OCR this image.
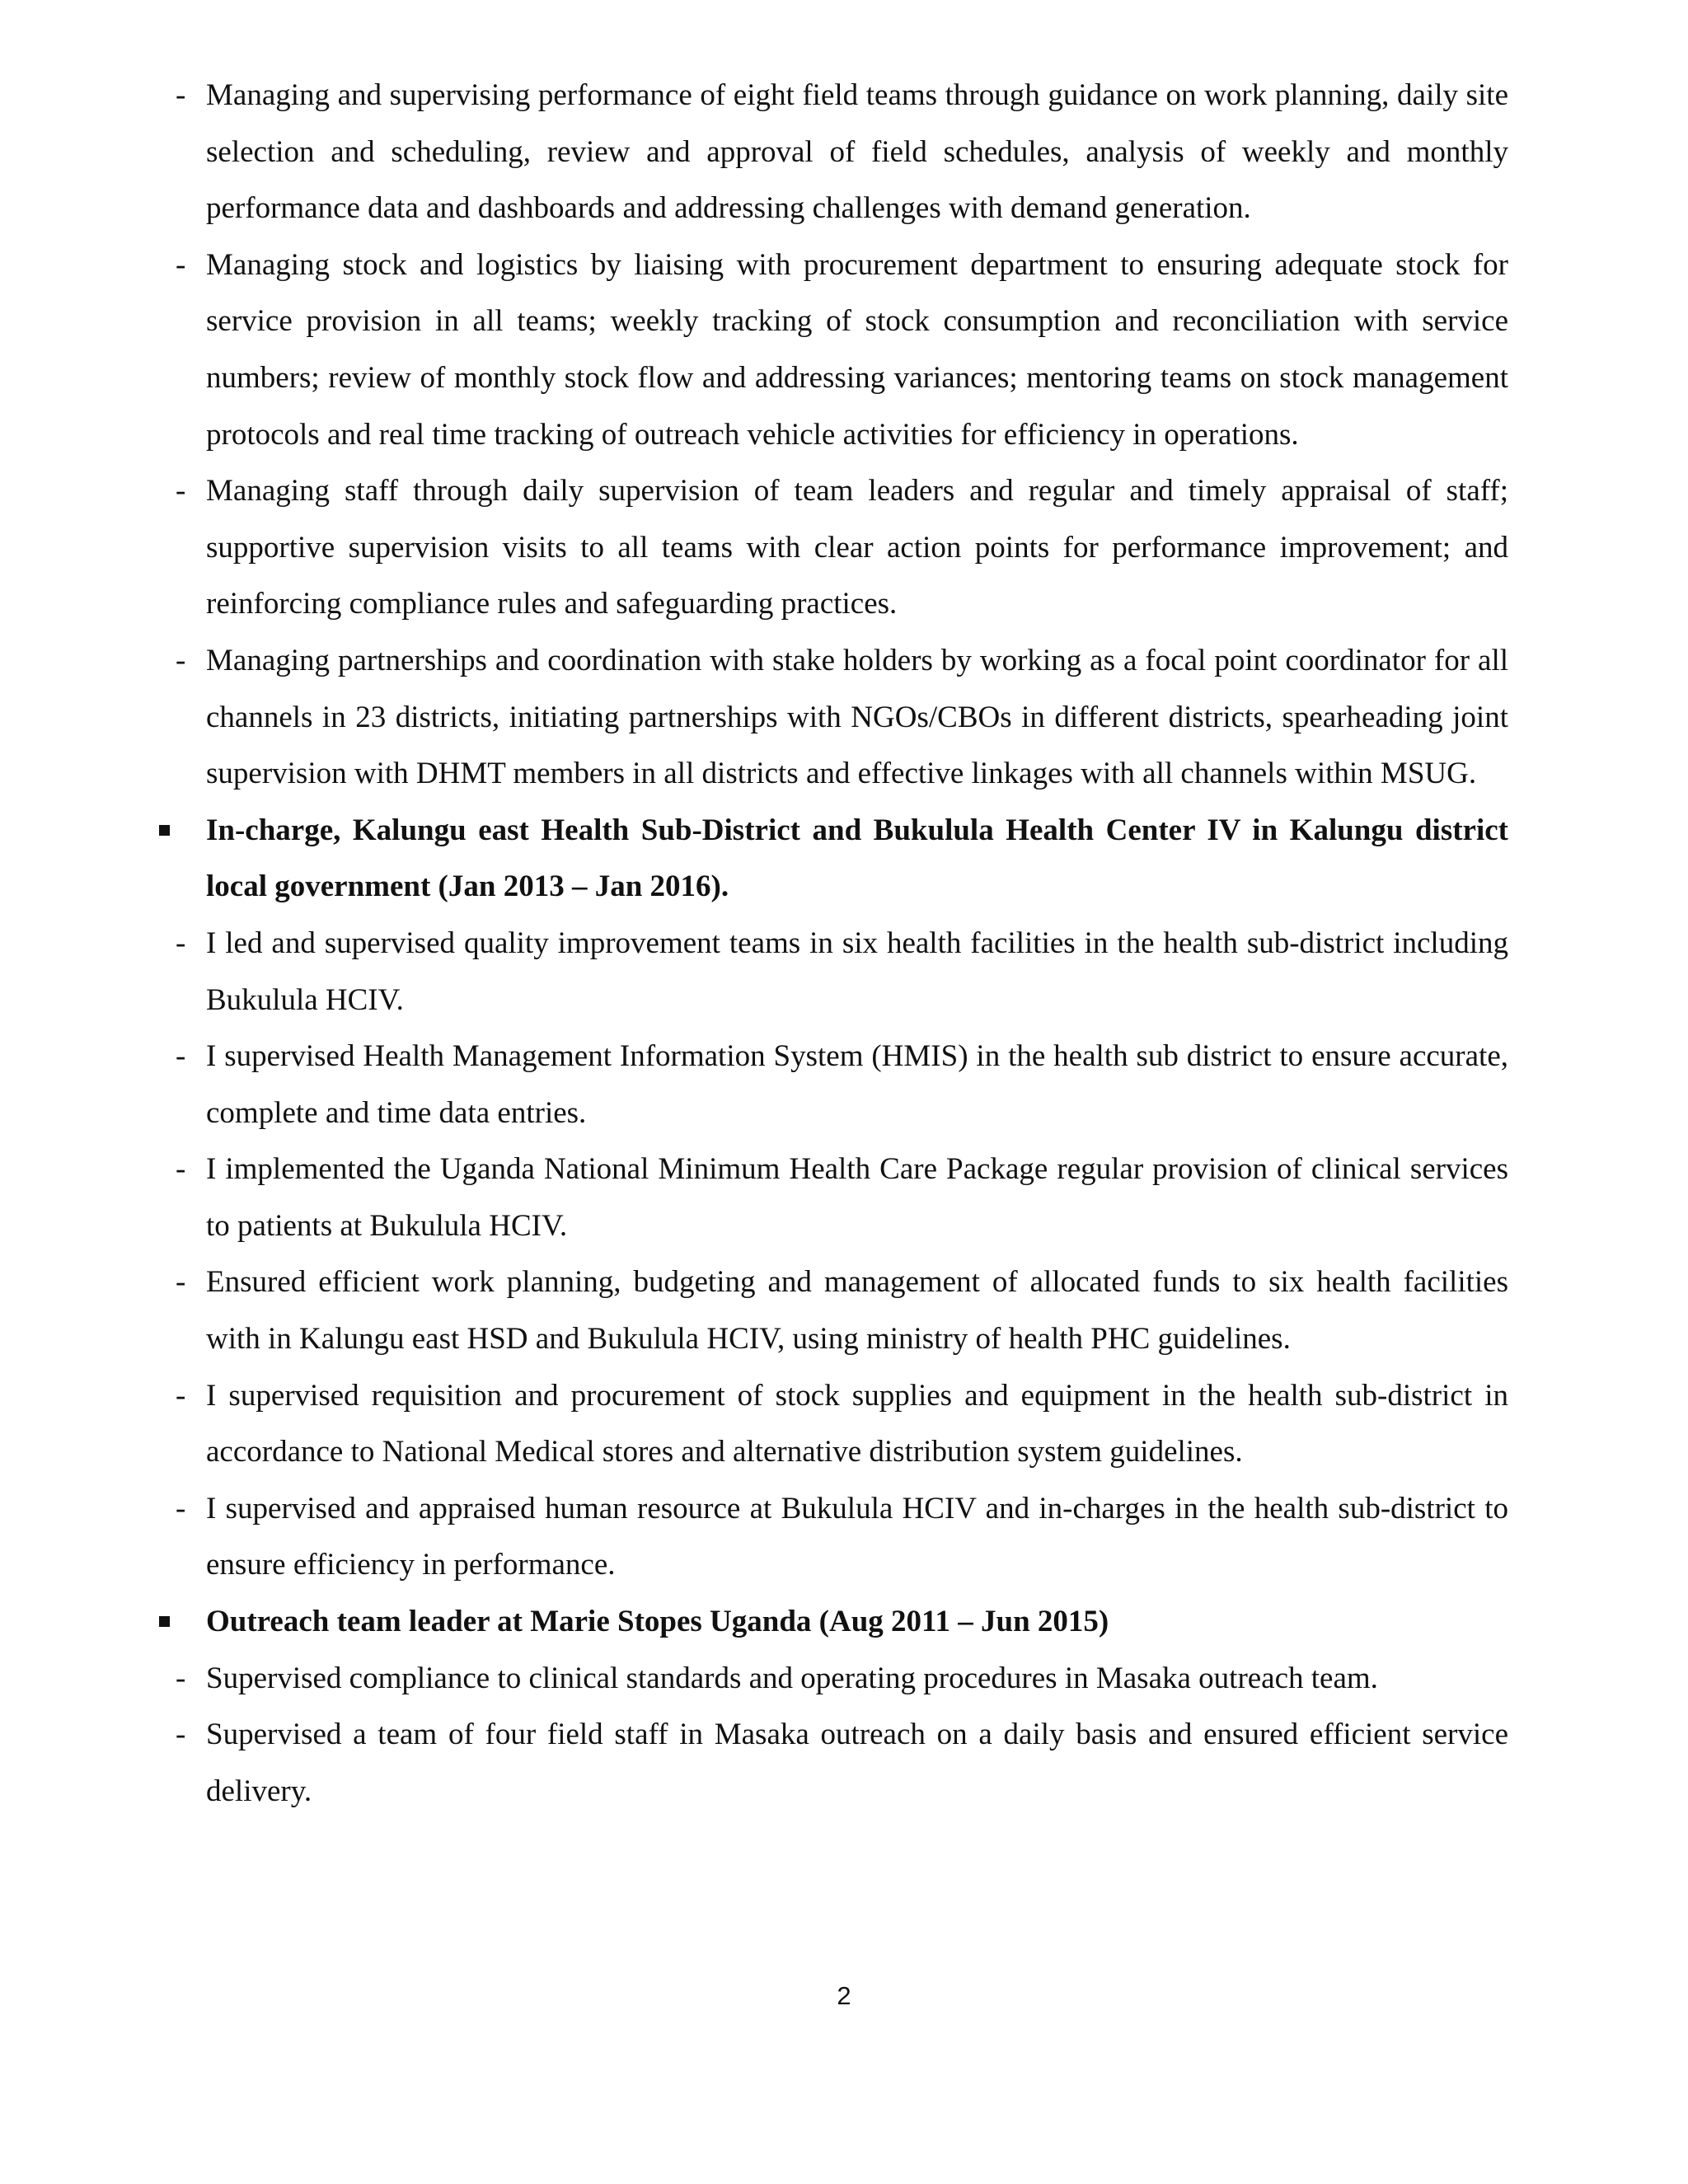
- Managing and supervising performance of eight field teams through guidance on work planning, daily site selection and scheduling, review and approval of field schedules, analysis of weekly and monthly performance data and dashboards and addressing challenges with demand generation.
- Managing stock and logistics by liaising with procurement department to ensuring adequate stock for service provision in all teams; weekly tracking of stock consumption and reconciliation with service numbers; review of monthly stock flow and addressing variances; mentoring teams on stock management protocols and real time tracking of outreach vehicle activities for efficiency in operations.
- Managing staff through daily supervision of team leaders and regular and timely appraisal of staff; supportive supervision visits to all teams with clear action points for performance improvement; and reinforcing compliance rules and safeguarding practices.
- Managing partnerships and coordination with stake holders by working as a focal point coordinator for all channels in 23 districts, initiating partnerships with NGOs/CBOs in different districts, spearheading joint supervision with DHMT members in all districts and effective linkages with all channels within MSUG.
In-charge, Kalungu east Health Sub-District and Bukulula Health Center IV in Kalungu district local government (Jan 2013 – Jan 2016).
- I led and supervised quality improvement teams in six health facilities in the health sub-district including Bukulula HCIV.
- I supervised Health Management Information System (HMIS) in the health sub district to ensure accurate, complete and time data entries.
- I implemented the Uganda National Minimum Health Care Package regular provision of clinical services to patients at Bukulula HCIV.
- Ensured efficient work planning, budgeting and management of allocated funds to six health facilities with in Kalungu east HSD and Bukulula HCIV, using ministry of health PHC guidelines.
- I supervised requisition and procurement of stock supplies and equipment in the health sub-district in accordance to National Medical stores and alternative distribution system guidelines.
- I supervised and appraised human resource at Bukulula HCIV and in-charges in the health sub-district to ensure efficiency in performance.
Outreach team leader at Marie Stopes Uganda (Aug 2011 – Jun 2015)
- Supervised compliance to clinical standards and operating procedures in Masaka outreach team.
- Supervised a team of four field staff in Masaka outreach on a daily basis and ensured efficient service delivery.
2
